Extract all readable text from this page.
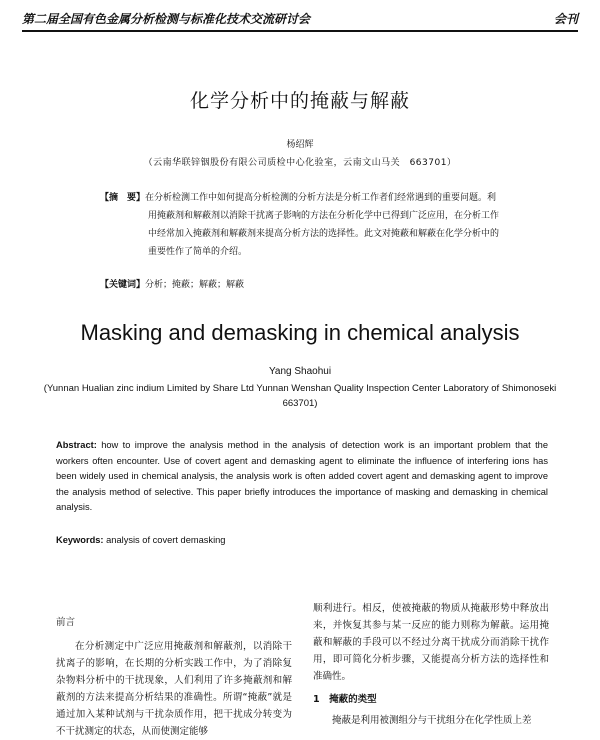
第二届全国有色金属分析检测与标准化技术交流研讨会	会刊
化学分析中的掩蔽与解蔽
杨绍辉
（云南华联锌铟股份有限公司质检中心化验室，云南文山马关　663701）
【摘　要】在分析检测工作中如何提高分析检测的分析方法是分析工作者们经常遇到的重要问题。利用掩蔽剂和解蔽剂以消除干扰离子影响的方法在分析化学中已得到广泛应用，在分析工作中经常加入掩蔽剂和解蔽剂来提高分析方法的选择性。此文对掩蔽和解蔽在化学分析中的重要性作了简单的介绍。
【关键词】分析；掩蔽；解蔽；解蔽
Masking and demasking in chemical analysis
Yang Shaohui
(Yunnan Hualian zinc indium Limited by Share Ltd Yunnan Wenshan Quality Inspection Center Laboratory of Shimonoseki 663701)
Abstract: how to improve the analysis method in the analysis of detection work is an important problem that the workers often encounter. Use of covert agent and demasking agent to eliminate the influence of interfering ions has been widely used in chemical analysis, the analysis work is often added covert agent and demasking agent to improve the analysis method of selective. This paper briefly introduces the importance of masking and demasking in chemical analysis.
Keywords: analysis of covert demasking
前言

在分析测定中广泛应用掩蔽剂和解蔽剂，以消除干扰离子的影响，在长期的分析实践工作中，为了消除复杂物料分析中的干扰现象，人们利用了许多掩蔽剂和解蔽剂的方法来提高分析结果的准确性。所谓“掩蔽”就是通过加入某种试剂与干扰杂质作用，把干扰成分转变为不干扰测定的状态，从而使测定能够

顺利进行。相反，使被掩蔽的物质从掩蔽形势中释放出来，并恢复其参与某一反应的能力则称为解蔽。运用掩蔽和解蔽的手段可以不经过分离干扰成分而消除干扰作用，即可简化分析步骤，又能提高分析方法的选择性和准确性。

1　掩蔽的类型

掩蔽是利用被测组分与干扰组分在化学性质上差
